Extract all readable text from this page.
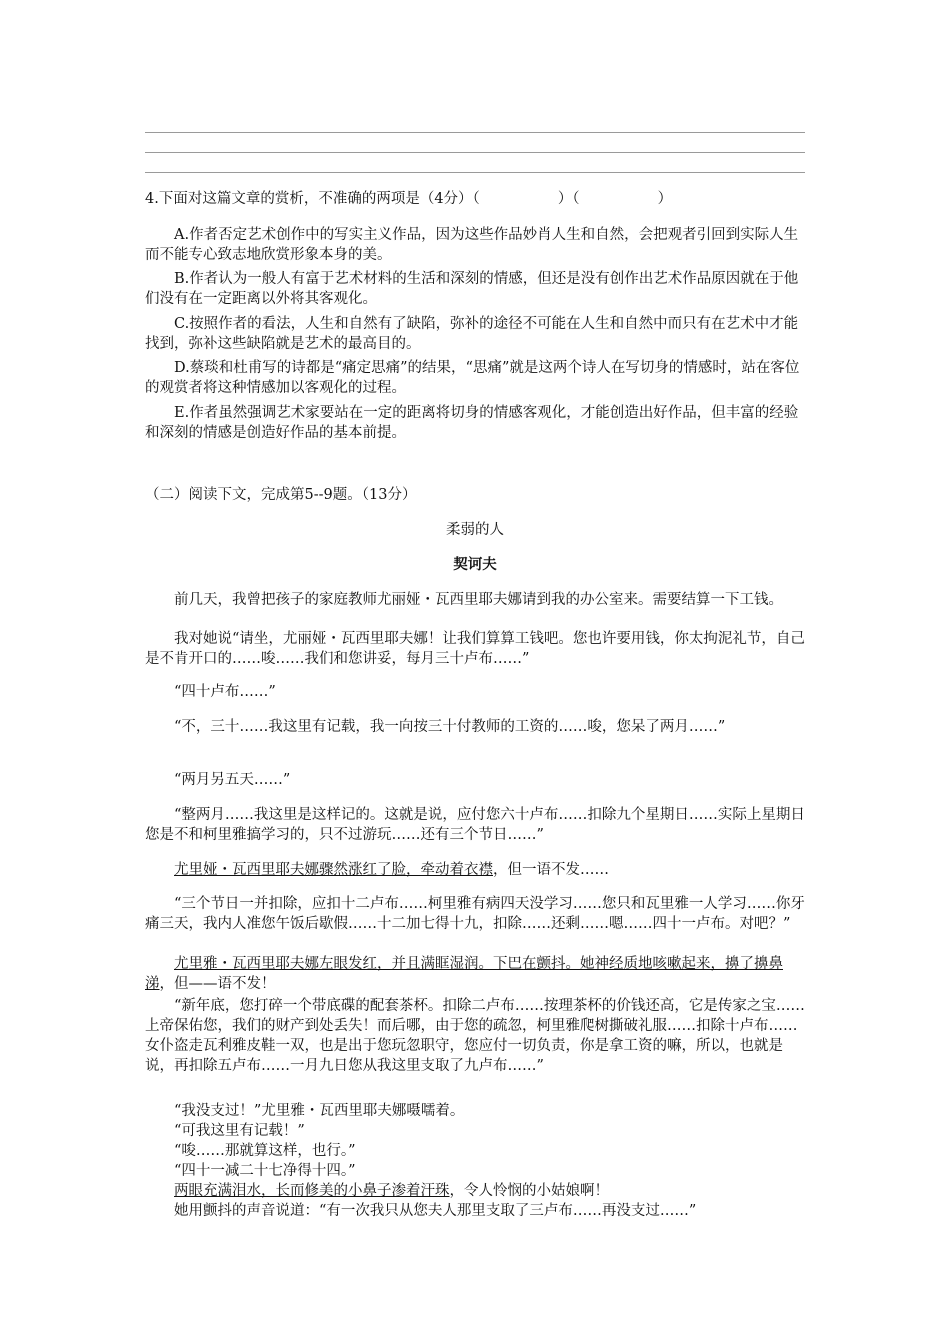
4.下面对这篇文章的赏析，不准确的两项是（4分）（	）（	）

A.作者否定艺术创作中的写实主义作品，因为这些作品妙肖人生和自然，会把观者引回到实际人生而不能专心致志地欣赏形象本身的美。

B.作者认为一般人有富于艺术材料的生活和深刻的情感，但还是没有创作出艺术作品原因就在于他们没有在一定距离以外将其客观化。

C.按照作者的看法，人生和自然有了缺陷，弥补的途径不可能在人生和自然中而只有在艺术中才能找到，弥补这些缺陷就是艺术的最高目的。

D.蔡琰和杜甫写的诗都是“痛定思痛”的结果，“思痛”就是这两个诗人在写切身的情感时，站在客位的观赏者将这种情感加以客观化的过程。

E.作者虽然强调艺术家要站在一定的距离将切身的情感客观化，才能创造出好作品，但丰富的经验和深刻的情感是创造好作品的基本前提。

（二）阅读下文，完成第5--9题。（13分）

柔弱的人

契诃夫

前几天，我曾把孩子的家庭教师尤丽娅・瓦西里耶夫娜请到我的办公室来。需要结算一下工钱。

我对她说“请坐，尤丽娅・瓦西里耶夫娜！让我们算算工钱吧。您也许要用钱，你太拘泥礼节，自己是不肯开口的……唆……我们和您讲妥，每月三十卢布……”

“四十卢布……”

“不，三十……我这里有记载，我一向按三十付教师的工资的……唆，您呆了两月……”

“两月另五天……”

“整两月……我这里是这样记的。这就是说，应付您六十卢布……扣除九个星期日……实际上星期日您是不和柯里雅搞学习的，只不过游玩……还有三个节日……”

尤里娅・瓦西里耶夫娜骤然涨红了脸，牵动着衣襟，但一语不发……

“三个节日一并扣除，应扣十二卢布……柯里雅有病四天没学习……您只和瓦里雅一人学习……你牙痛三天，我内人准您午饭后歇假……十二加七得十九，扣除……还剩……嗯……四十一卢布。对吧？”

尤里雅・瓦西里耶夫娜左眼发红，并且满眶湿润。下巴在颤抖。她神经质地咳嗽起来，擤了擤鼻涕，但——语不发！

“新年底，您打碎一个带底碟的配套茶杯。扣除二卢布……按理茶杯的价钱还高，它是传家之宝……上帝保佑您，我们的财产到处丢失！而后哪，由于您的疏忽，柯里雅爬树撕破礼服……扣除十卢布……女仆盗走瓦利雅皮鞋一双，也是出于您玩忽职守，您应付一切负责，你是拿工资的嘛，所以，也就是说，再扣除五卢布……一月九日您从我这里支取了九卢布……”

“我没支过！”尤里雅・瓦西里耶夫娜嗫嚅着。

“可我这里有记载！”

“唆……那就算这样，也行。”

“四十一减二十七净得十四。”

两眼充满泪水，长而修美的小鼻子渗着汗珠，令人怜悯的小姑娘啊！

她用颤抖的声音说道：“有一次我只从您夫人那里支取了三卢布……再没支过……”
